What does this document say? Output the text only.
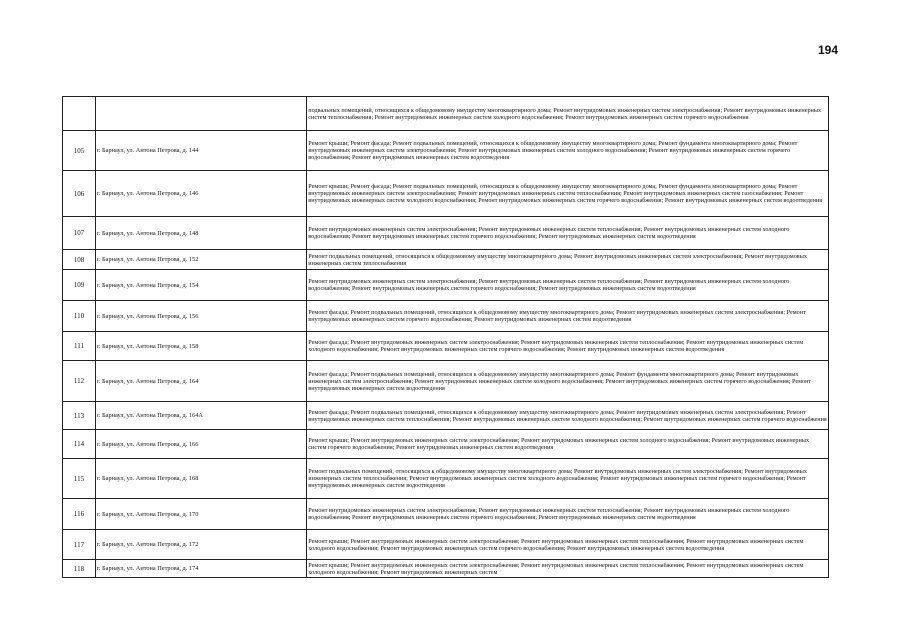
194

		подвальных помещений, относящихся к общедомовому имуществу многоквартирного дома; Ремонт внутридомовых инженерных систем электроснабжения; Ремонт внутридомовых инженерных систем теплоснабжения; Ремонт внутридомовых инженерных систем холодного водоснабжения; Ремонт внутридомовых инженерных систем горячего водоснабжения

105	г. Барнаул, ул. Антона Петрова, д. 144	Ремонт крыши; Ремонт фасада; Ремонт подвальных помещений, относящихся к общедомовому имуществу многоквартирного дома; Ремонт фундамента многоквартирного дома; Ремонт внутридомовых инженерных систем электроснабжения; Ремонт внутридомовых инженерных систем холодного водоснабжения; Ремонт внутридомовых инженерных систем горячего водоснабжения; Ремонт внутридомовых инженерных систем водоотведения

106	г. Барнаул, ул. Антона Петрова, д. 146	Ремонт крыши; Ремонт фасада; Ремонт подвальных помещений, относящихся к общедомовому имуществу многоквартирного дома; Ремонт фундамента многоквартирного дома; Ремонт внутридомовых инженерных систем электроснабжения; Ремонт внутридомовых инженерных систем теплоснабжения; Ремонт внутридомовых инженерных систем газоснабжения; Ремонт внутридомовых инженерных систем холодного водоснабжения; Ремонт внутридомовых инженерных систем горячего водоснабжения; Ремонт внутридомовых инженерных систем водоотведения

107	г. Барнаул, ул. Антона Петрова, д. 148	Ремонт внутридомовых инженерных систем электроснабжения; Ремонт внутридомовых инженерных систем теплоснабжения; Ремонт внутридомовых инженерных систем холодного водоснабжения; Ремонт внутридомовых инженерных систем горячего водоснабжения; Ремонт внутридомовых инженерных систем водоотведения

108	г. Барнаул, ул. Антона Петрова, д. 152	Ремонт подвальных помещений, относящихся к общедомовому имуществу многоквартирного дома; Ремонт внутридомовых инженерных систем электроснабжения; Ремонт внутридомовых инженерных систем теплоснабжения

109	г. Барнаул, ул. Антона Петрова, д. 154	Ремонт внутридомовых инженерных систем электроснабжения; Ремонт внутридомовых инженерных систем теплоснабжения; Ремонт внутридомовых инженерных систем холодного водоснабжения; Ремонт внутридомовых инженерных систем горячего водоснабжения; Ремонт внутридомовых инженерных систем водоотведения

110	г. Барнаул, ул. Антона Петрова, д. 156	Ремонт фасада; Ремонт подвальных помещений, относящихся к общедомовому имуществу многоквартирного дома; Ремонт внутридомовых инженерных систем электроснабжения; Ремонт внутридомовых инженерных систем горячего водоснабжения; Ремонт внутридомовых инженерных систем водоотведения

111	г. Барнаул, ул. Антона Петрова, д. 158	Ремонт фасада; Ремонт внутридомовых инженерных систем электроснабжения; Ремонт внутридомовых инженерных систем теплоснабжения; Ремонт внутридомовых инженерных систем холодного водоснабжения; Ремонт внутридомовых инженерных систем горячего водоснабжения; Ремонт внутридомовых инженерных систем водоотведения

112	г. Барнаул, ул. Антона Петрова, д. 164	Ремонт фасада; Ремонт подвальных помещений, относящихся к общедомовому имуществу многоквартирного дома; Ремонт фундамента многоквартирного дома; Ремонт внутридомовых инженерных систем электроснабжения; Ремонт внутридомовых инженерных систем холодного водоснабжения; Ремонт внутридомовых инженерных систем горячего водоснабжения; Ремонт внутридомовых инженерных систем водоотведения

113	г. Барнаул, ул. Антона Петрова, д. 164А	Ремонт фасада; Ремонт подвальных помещений, относящихся к общедомовому имуществу многоквартирного дома; Ремонт внутридомовых инженерных систем электроснабжения; Ремонт внутридомовых инженерных систем теплоснабжения; Ремонт внутридомовых инженерных систем холодного водоснабжения; Ремонт внутридомовых инженерных систем горячего водоснабжения

114	г. Барнаул, ул. Антона Петрова, д. 166	Ремонт крыши; Ремонт внутридомовых инженерных систем электроснабжения; Ремонт внутридомовых инженерных систем холодного водоснабжения; Ремонт внутридомовых инженерных систем горячего водоснабжения; Ремонт внутридомовых инженерных систем водоотведения

115	г. Барнаул, ул. Антона Петрова, д. 168	Ремонт подвальных помещений, относящихся к общедомовому имуществу многоквартирного дома; Ремонт внутридомовых инженерных систем электроснабжения; Ремонт внутридомовых инженерных систем теплоснабжения; Ремонт внутридомовых инженерных систем холодного водоснабжения; Ремонт внутридомовых инженерных систем горячего водоснабжения; Ремонт внутридомовых инженерных систем водоотведения

116	г. Барнаул, ул. Антона Петрова, д. 170	Ремонт внутридомовых инженерных систем электроснабжения; Ремонт внутридомовых инженерных систем теплоснабжения; Ремонт внутридомовых инженерных систем холодного водоснабжения; Ремонт внутридомовых инженерных систем горячего водоснабжения; Ремонт внутридомовых инженерных систем водоотведения

117	г. Барнаул, ул. Антона Петрова, д. 172	Ремонт крыши; Ремонт внутридомовых инженерных систем электроснабжения; Ремонт внутридомовых инженерных систем теплоснабжения; Ремонт внутридомовых инженерных систем холодного водоснабжения; Ремонт внутридомовых инженерных систем горячего водоснабжения; Ремонт внутридомовых инженерных систем водоотведения

118	г. Барнаул, ул. Антона Петрова, д. 174	Ремонт крыши; Ремонт внутридомовых инженерных систем электроснабжения; Ремонт внутридомовых инженерных систем теплоснабжения; Ремонт внутридомовых инженерных систем холодного водоснабжения; Ремонт внутридомовых инженерных систем
